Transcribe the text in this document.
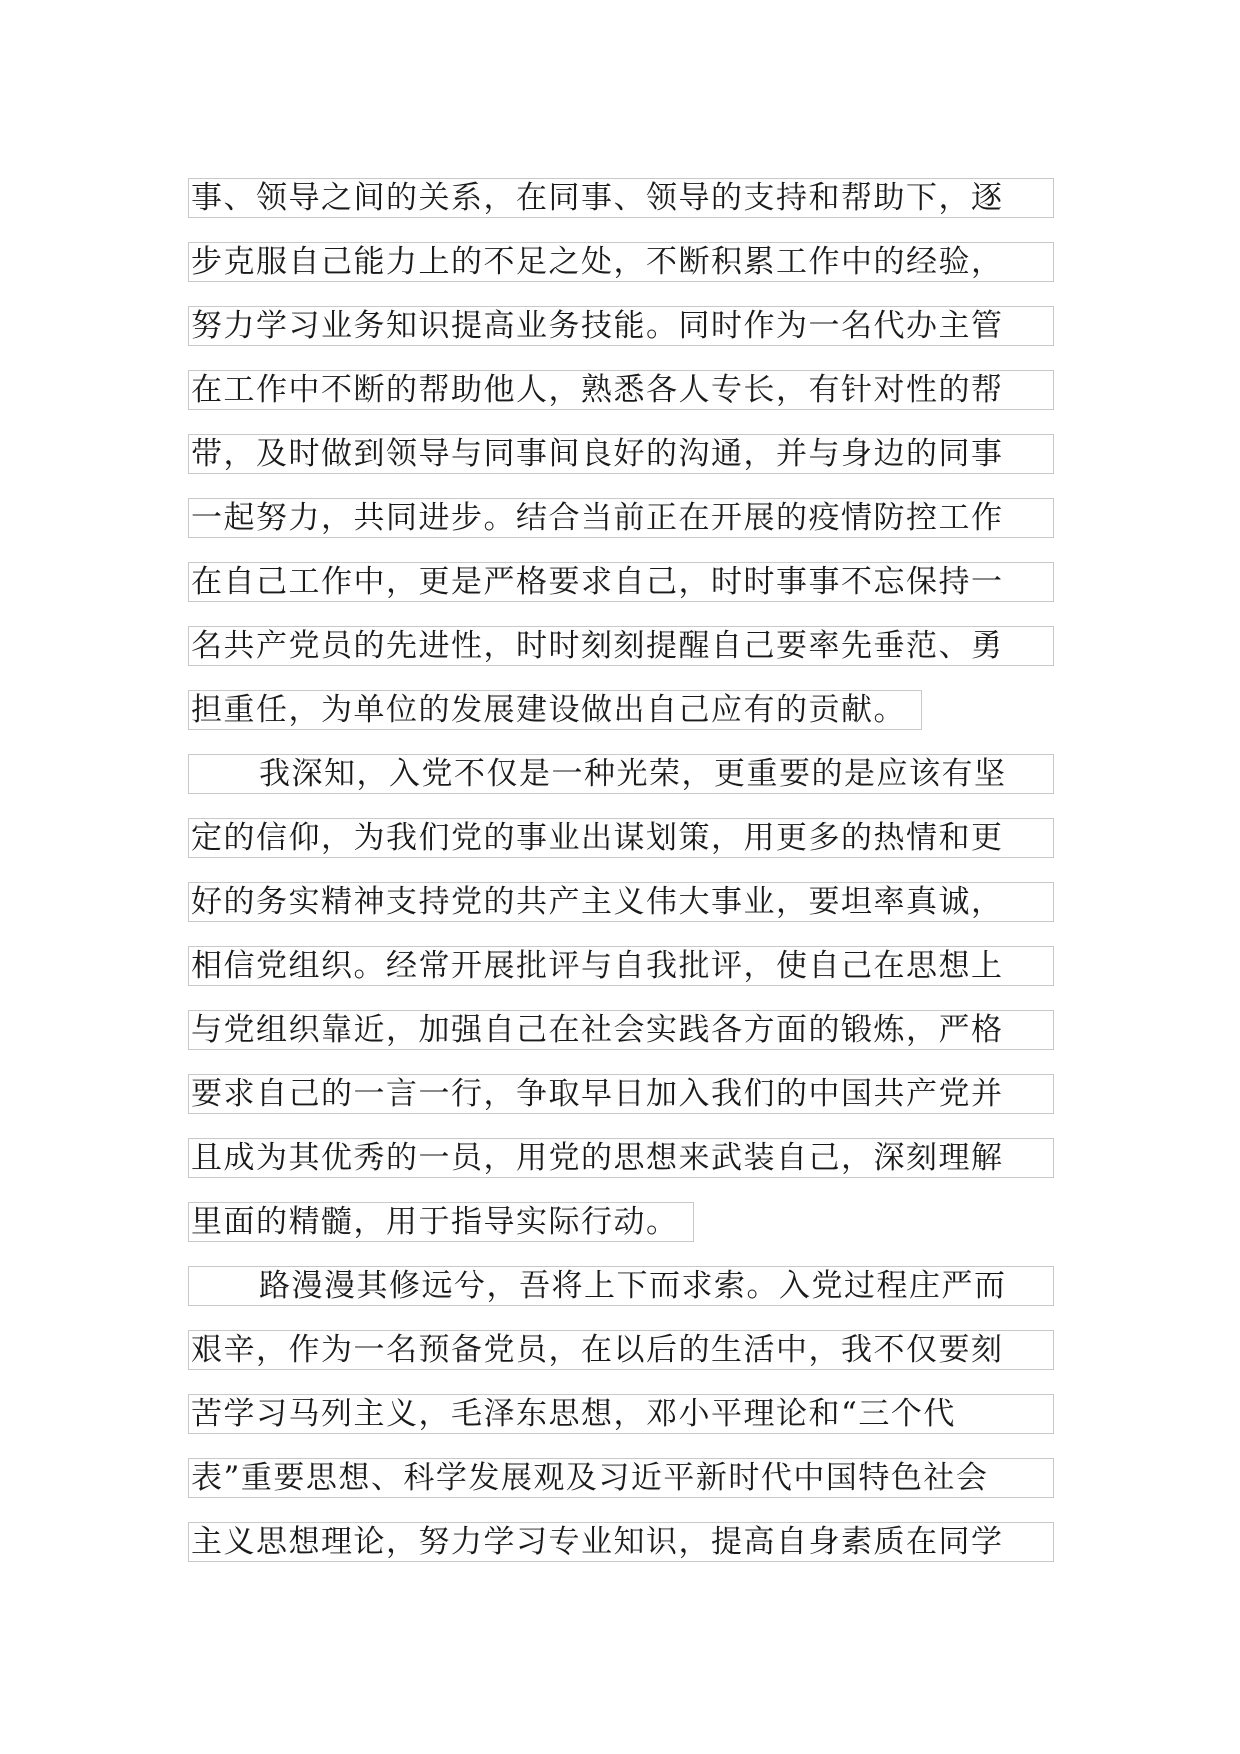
事、领导之间的关系，在同事、领导的支持和帮助下，逐
步克服自己能力上的不足之处，不断积累工作中的经验，
努力学习业务知识提高业务技能。同时作为一名代办主管
在工作中不断的帮助他人，熟悉各人专长，有针对性的帮
带，及时做到领导与同事间良好的沟通，并与身边的同事
一起努力，共同进步。结合当前正在开展的疫情防控工作
在自己工作中，更是严格要求自己，时时事事不忘保持一
名共产党员的先进性，时时刻刻提醒自己要率先垂范、勇
担重任，为单位的发展建设做出自己应有的贡献。
我深知，入党不仅是一种光荣，更重要的是应该有坚
定的信仰，为我们党的事业出谋划策，用更多的热情和更
好的务实精神支持党的共产主义伟大事业，要坦率真诚，
相信党组织。经常开展批评与自我批评，使自己在思想上
与党组织靠近，加强自己在社会实践各方面的锻炼，严格
要求自己的一言一行，争取早日加入我们的中国共产党并
且成为其优秀的一员，用党的思想来武装自己，深刻理解
里面的精髓，用于指导实际行动。
路漫漫其修远兮，吾将上下而求索。入党过程庄严而
艰辛，作为一名预备党员，在以后的生活中，我不仅要刻
苦学习马列主义，毛泽东思想，邓小平理论和“三个代
表”重要思想、科学发展观及习近平新时代中国特色社会
主义思想理论，努力学习专业知识，提高自身素质在同学
